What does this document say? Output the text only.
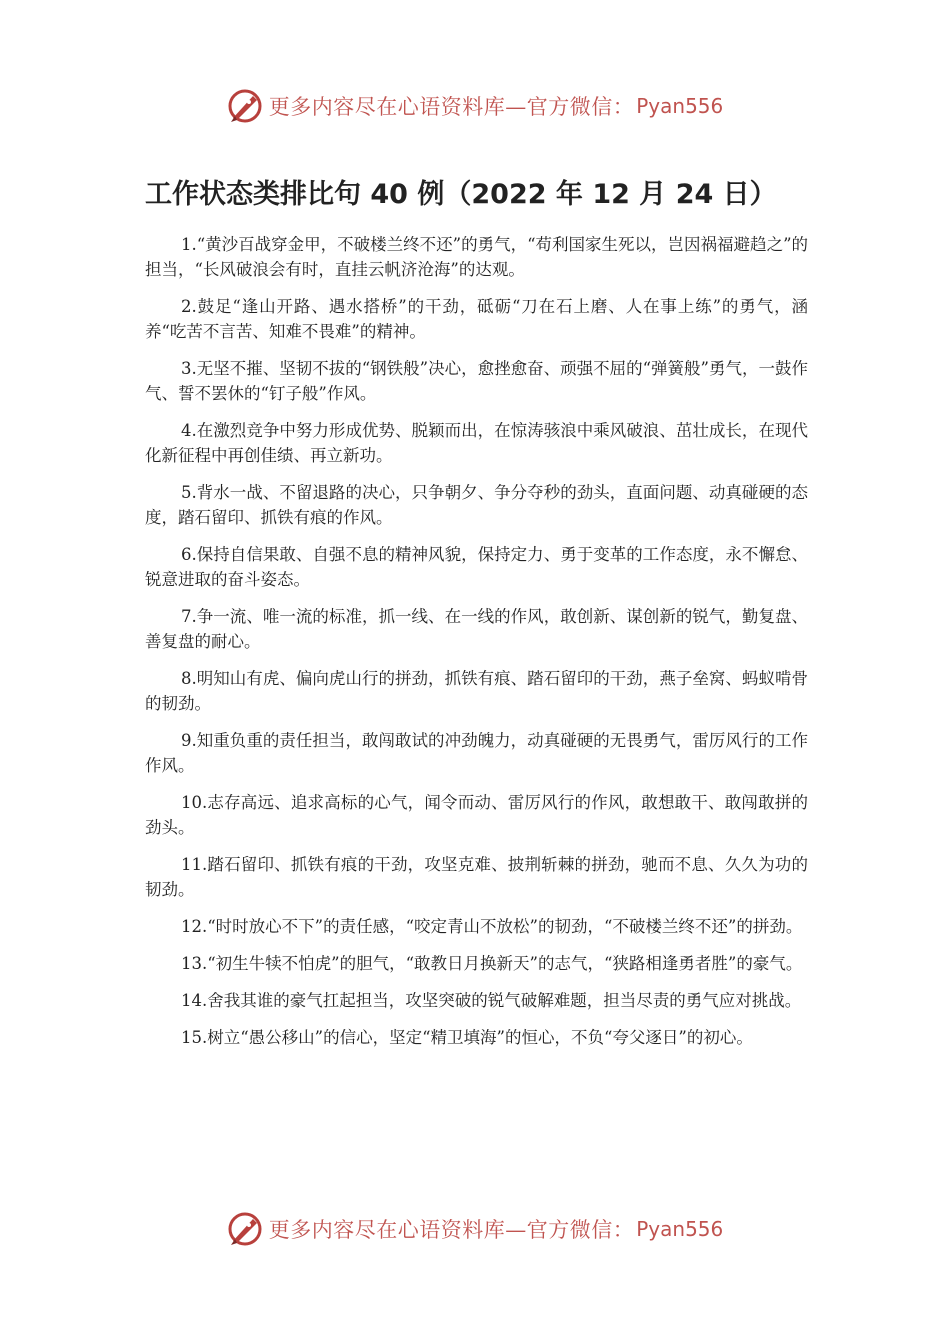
更多内容尽在心语资料库—官方微信： Pyan556
工作状态类排比句 40 例（2022 年 12 月 24 日）

1.“黄沙百战穿金甲，不破楼兰终不还”的勇气，“苟利国家生死以，岂因祸福避趋之”的担当，“长风破浪会有时，直挂云帆济沧海”的达观。

2.鼓足“逢山开路、遇水搭桥”的干劲，砥砺“刀在石上磨、人在事上练”的勇气，涵养“吃苦不言苦、知难不畏难”的精神。

3.无坚不摧、坚韧不拔的“钢铁般”决心，愈挫愈奋、顽强不屈的“弹簧般”勇气，一鼓作气、誓不罢休的“钉子般”作风。

4.在激烈竞争中努力形成优势、脱颖而出，在惊涛骇浪中乘风破浪、茁壮成长，在现代化新征程中再创佳绩、再立新功。

5.背水一战、不留退路的决心，只争朝夕、争分夺秒的劲头，直面问题、动真碰硬的态度，踏石留印、抓铁有痕的作风。

6.保持自信果敢、自强不息的精神风貌，保持定力、勇于变革的工作态度，永不懈怠、锐意进取的奋斗姿态。

7.争一流、唯一流的标准，抓一线、在一线的作风，敢创新、谋创新的锐气，勤复盘、善复盘的耐心。

8.明知山有虎、偏向虎山行的拼劲，抓铁有痕、踏石留印的干劲，燕子垒窝、蚂蚁啃骨的韧劲。

9.知重负重的责任担当，敢闯敢试的冲劲魄力，动真碰硬的无畏勇气，雷厉风行的工作作风。

10.志存高远、追求高标的心气，闻令而动、雷厉风行的作风，敢想敢干、敢闯敢拼的劲头。

11.踏石留印、抓铁有痕的干劲，攻坚克难、披荆斩棘的拼劲，驰而不息、久久为功的韧劲。

12.“时时放心不下”的责任感，“咬定青山不放松”的韧劲，“不破楼兰终不还”的拼劲。

13.“初生牛犊不怕虎”的胆气，“敢教日月换新天”的志气，“狭路相逢勇者胜”的豪气。

14.舍我其谁的豪气扛起担当，攻坚突破的锐气破解难题，担当尽责的勇气应对挑战。

15.树立“愚公移山”的信心，坚定“精卫填海”的恒心，不负“夸父逐日”的初心。

更多内容尽在心语资料库—官方微信： Pyan556
